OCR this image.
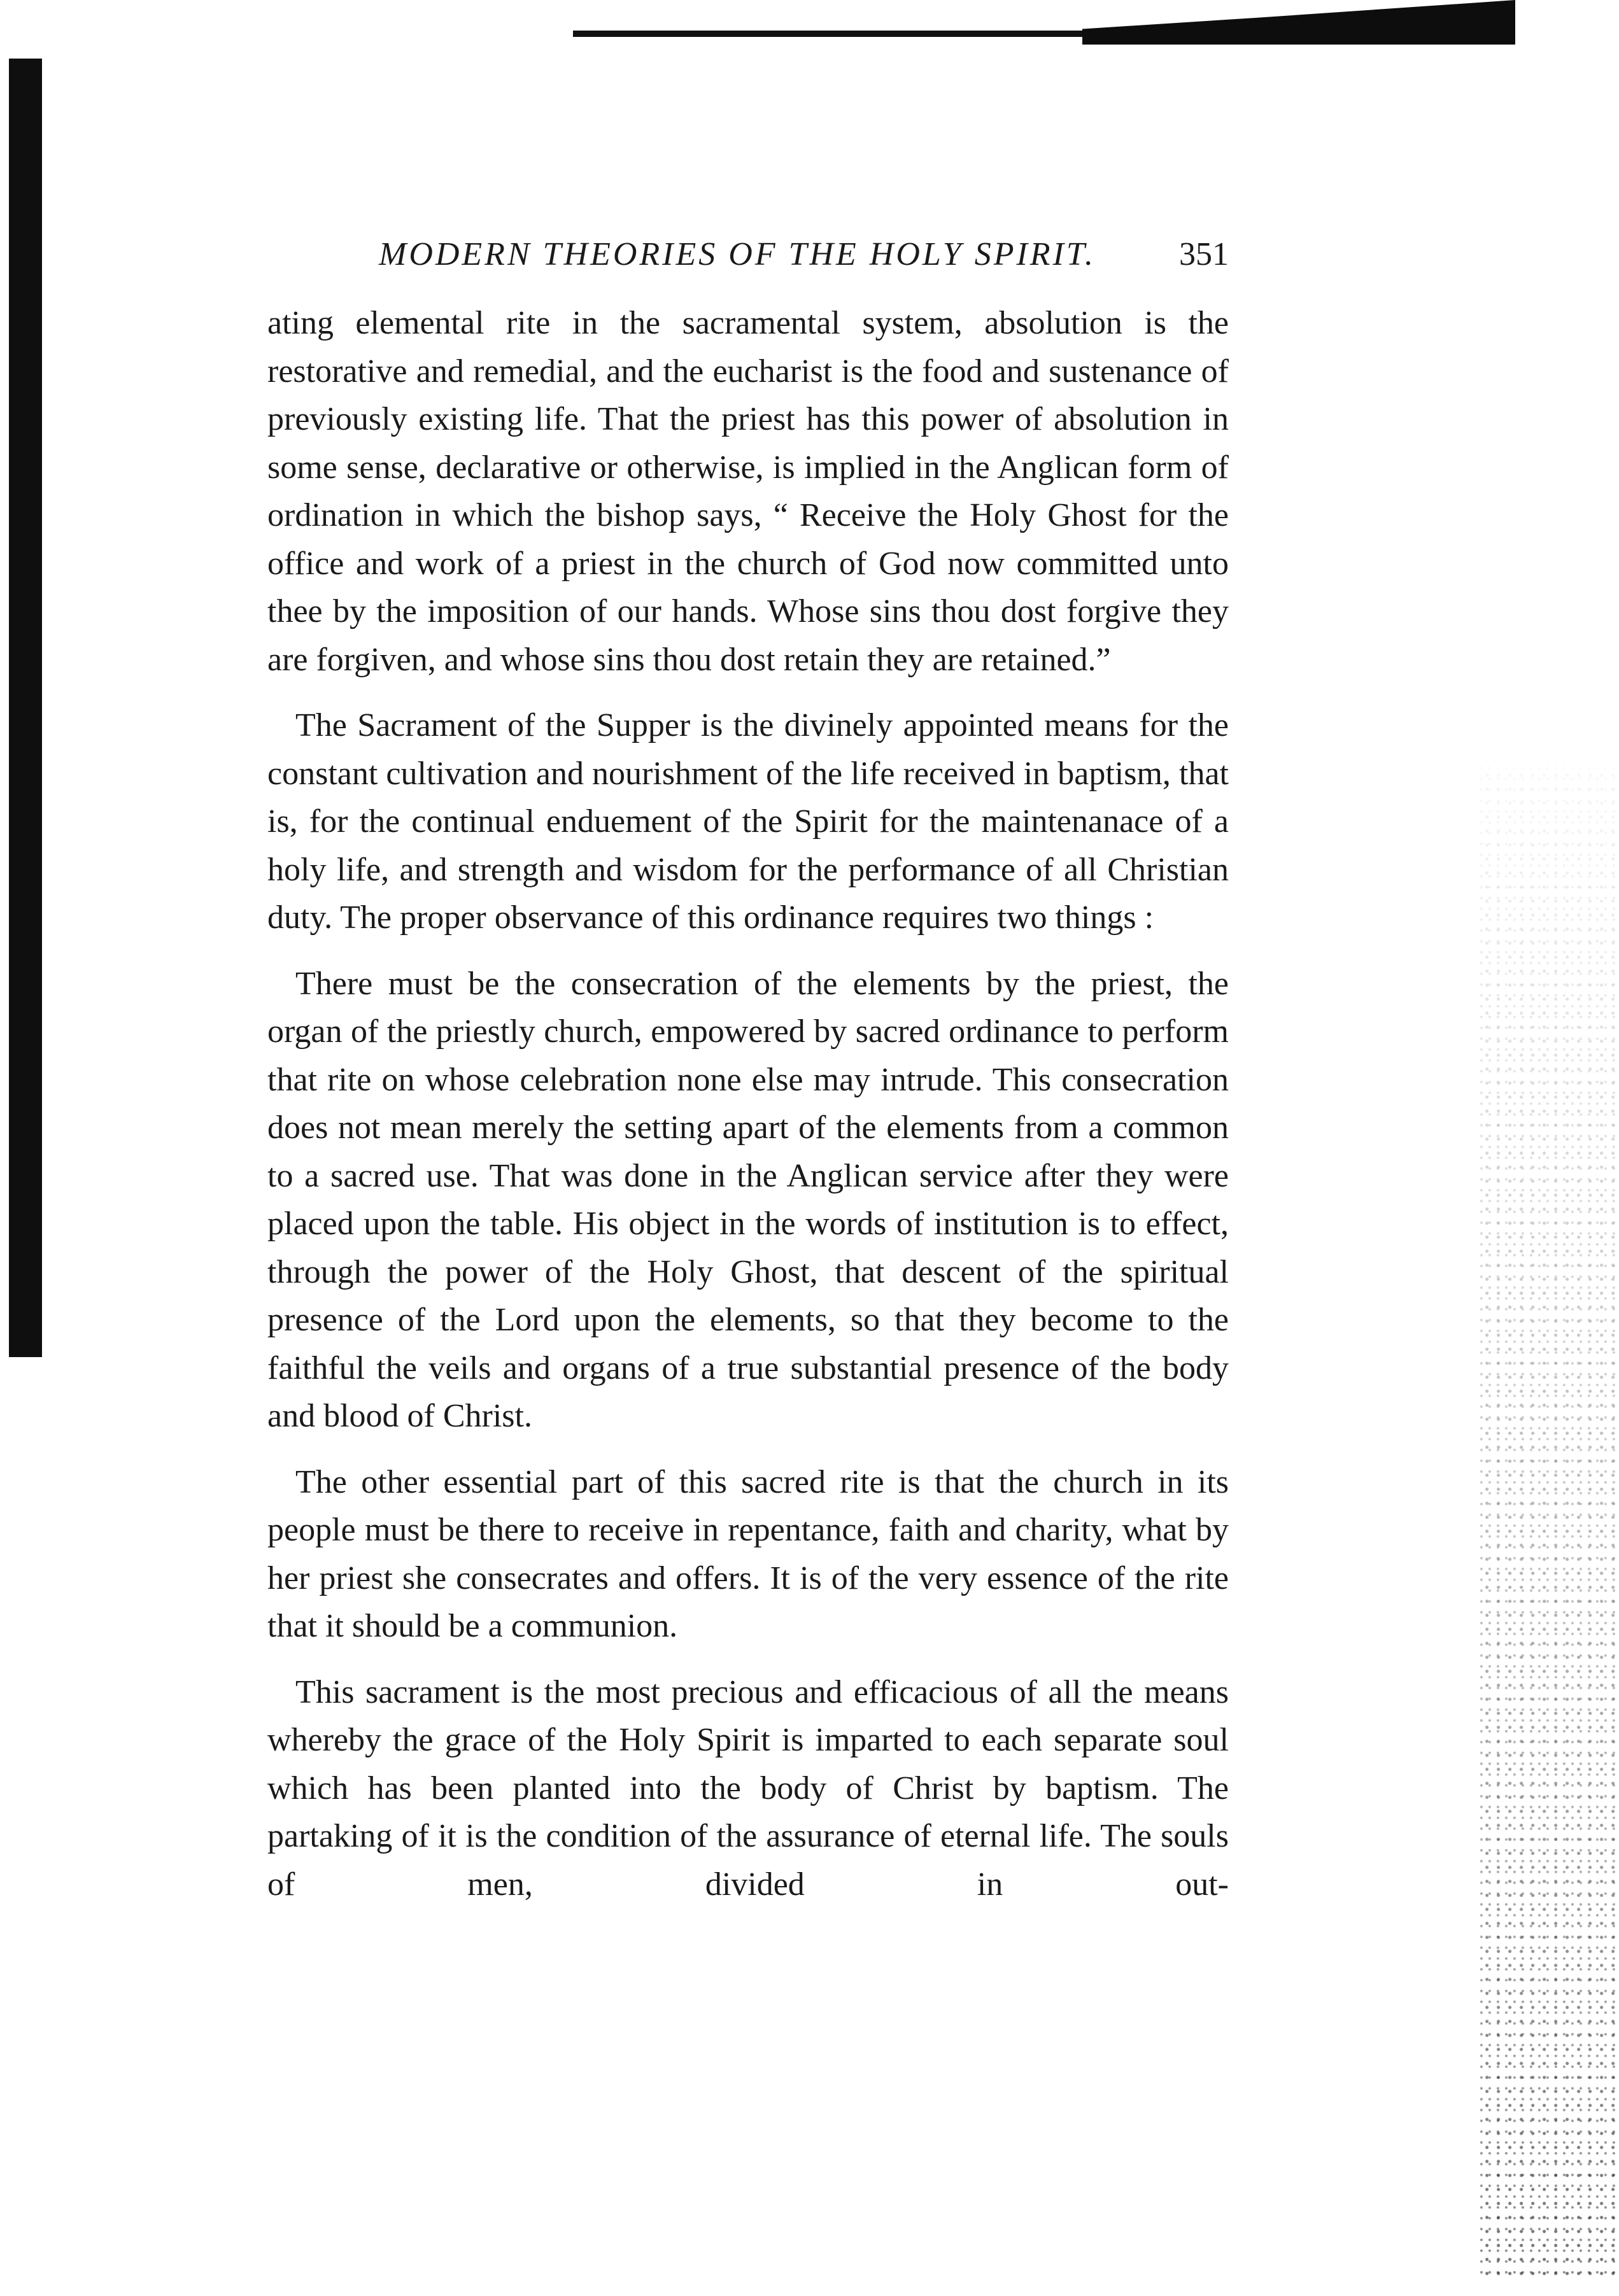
MODERN THEORIES OF THE HOLY SPIRIT.	351

ating elemental rite in the sacramental system, absolution is the restorative and remedial, and the eucharist is the food and sustenance of previously existing life. That the priest has this power of absolution in some sense, declarative or otherwise, is implied in the Anglican form of ordination in which the bishop says, “ Receive the Holy Ghost for the office and work of a priest in the church of God now committed unto thee by the imposition of our hands. Whose sins thou dost forgive they are forgiven, and whose sins thou dost retain they are retained.”

The Sacrament of the Supper is the divinely appointed means for the constant cultivation and nourishment of the life received in baptism, that is, for the continual enduement of the Spirit for the maintenanace of a holy life, and strength and wisdom for the performance of all Christian duty. The proper observance of this ordinance requires two things :

There must be the consecration of the elements by the priest, the organ of the priestly church, empowered by sacred ordinance to perform that rite on whose celebration none else may intrude. This consecration does not mean merely the setting apart of the elements from a common to a sacred use. That was done in the Anglican service after they were placed upon the table. His object in the words of institution is to effect, through the power of the Holy Ghost, that descent of the spiritual presence of the Lord upon the elements, so that they become to the faithful the veils and organs of a true substantial presence of the body and blood of Christ.

The other essential part of this sacred rite is that the church in its people must be there to receive in repentance, faith and charity, what by her priest she consecrates and offers. It is of the very essence of the rite that it should be a communion.

This sacrament is the most precious and efficacious of all the means whereby the grace of the Holy Spirit is imparted to each separate soul which has been planted into the body of Christ by baptism. The partaking of it is the condition of the assurance of eternal life. The souls of men, divided in out-
